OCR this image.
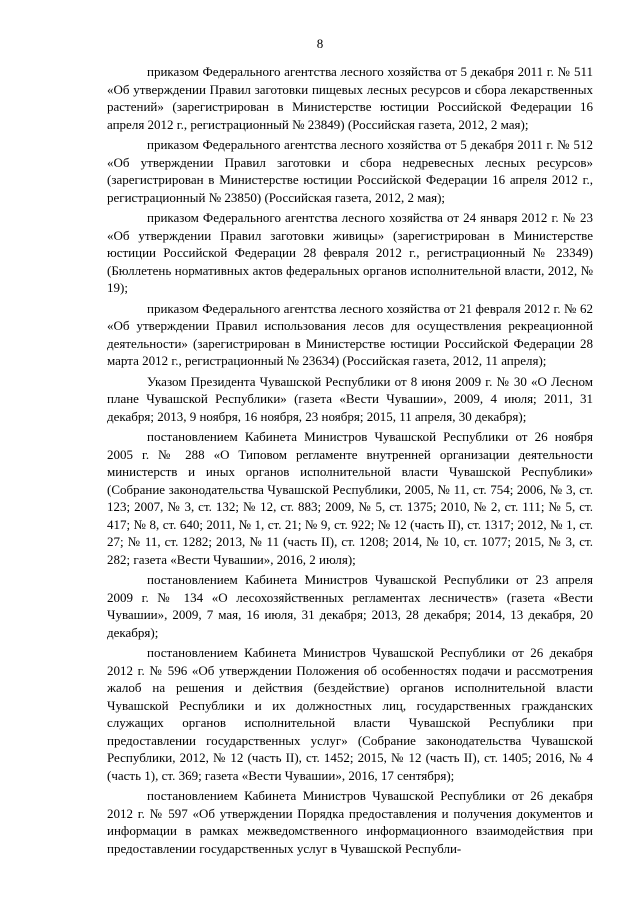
8

приказом Федерального агентства лесного хозяйства от 5 декабря 2011 г. № 511 «Об утверждении Правил заготовки пищевых лесных ресурсов и сбора лекарственных растений» (зарегистрирован в Министерстве юстиции Российской Федерации 16 апреля 2012 г., регистрационный № 23849) (Российская газета, 2012, 2 мая);

приказом Федерального агентства лесного хозяйства от 5 декабря 2011 г. № 512 «Об утверждении Правил заготовки и сбора недревесных лесных ресурсов» (зарегистрирован в Министерстве юстиции Российской Федерации 16 апреля 2012 г., регистрационный № 23850) (Российская газета, 2012, 2 мая);

приказом Федерального агентства лесного хозяйства от 24 января 2012 г. № 23 «Об утверждении Правил заготовки живицы» (зарегистрирован в Министерстве юстиции Российской Федерации 28 февраля 2012 г., регистрационный № 23349) (Бюллетень нормативных актов федеральных органов исполнительной власти, 2012, № 19);

приказом Федерального агентства лесного хозяйства от 21 февраля 2012 г. № 62 «Об утверждении Правил использования лесов для осуществления рекреационной деятельности» (зарегистрирован в Министерстве юстиции Российской Федерации 28 марта 2012 г., регистрационный № 23634) (Российская газета, 2012, 11 апреля);

Указом Президента Чувашской Республики от 8 июня 2009 г. № 30 «О Лесном плане Чувашской Республики» (газета «Вести Чувашии», 2009, 4 июля; 2011, 31 декабря; 2013, 9 ноября, 16 ноября, 23 ноября; 2015, 11 апреля, 30 декабря);

постановлением Кабинета Министров Чувашской Республики от 26 ноября 2005 г. № 288 «О Типовом регламенте внутренней организации деятельности министерств и иных органов исполнительной власти Чувашской Республики» (Собрание законодательства Чувашской Республики, 2005, № 11, ст. 754; 2006, № 3, ст. 123; 2007, № 3, ст. 132; № 12, ст. 883; 2009, № 5, ст. 1375; 2010, № 2, ст. 111; № 5, ст. 417; № 8, ст. 640; 2011, № 1, ст. 21; № 9, ст. 922; № 12 (часть II), ст. 1317; 2012, № 1, ст. 27; № 11, ст. 1282; 2013, № 11 (часть II), ст. 1208; 2014, № 10, ст. 1077; 2015, № 3, ст. 282; газета «Вести Чувашии», 2016, 2 июля);

постановлением Кабинета Министров Чувашской Республики от 23 апреля 2009 г. № 134 «О лесохозяйственных регламентах лесничеств» (газета «Вести Чувашии», 2009, 7 мая, 16 июля, 31 декабря; 2013, 28 декабря; 2014, 13 декабря, 20 декабря);

постановлением Кабинета Министров Чувашской Республики от 26 декабря 2012 г. № 596 «Об утверждении Положения об особенностях подачи и рассмотрения жалоб на решения и действия (бездействие) органов исполнительной власти Чувашской Республики и их должностных лиц, государственных гражданских служащих органов исполнительной власти Чувашской Республики при предоставлении государственных услуг» (Собрание законодательства Чувашской Республики, 2012, № 12 (часть II), ст. 1452; 2015, № 12 (часть II), ст. 1405; 2016, № 4 (часть 1), ст. 369; газета «Вести Чувашии», 2016, 17 сентября);

постановлением Кабинета Министров Чувашской Республики от 26 декабря 2012 г. № 597 «Об утверждении Порядка предоставления и получения документов и информации в рамках межведомственного информационного взаимодействия при предоставлении государственных услуг в Чувашской Республи-
